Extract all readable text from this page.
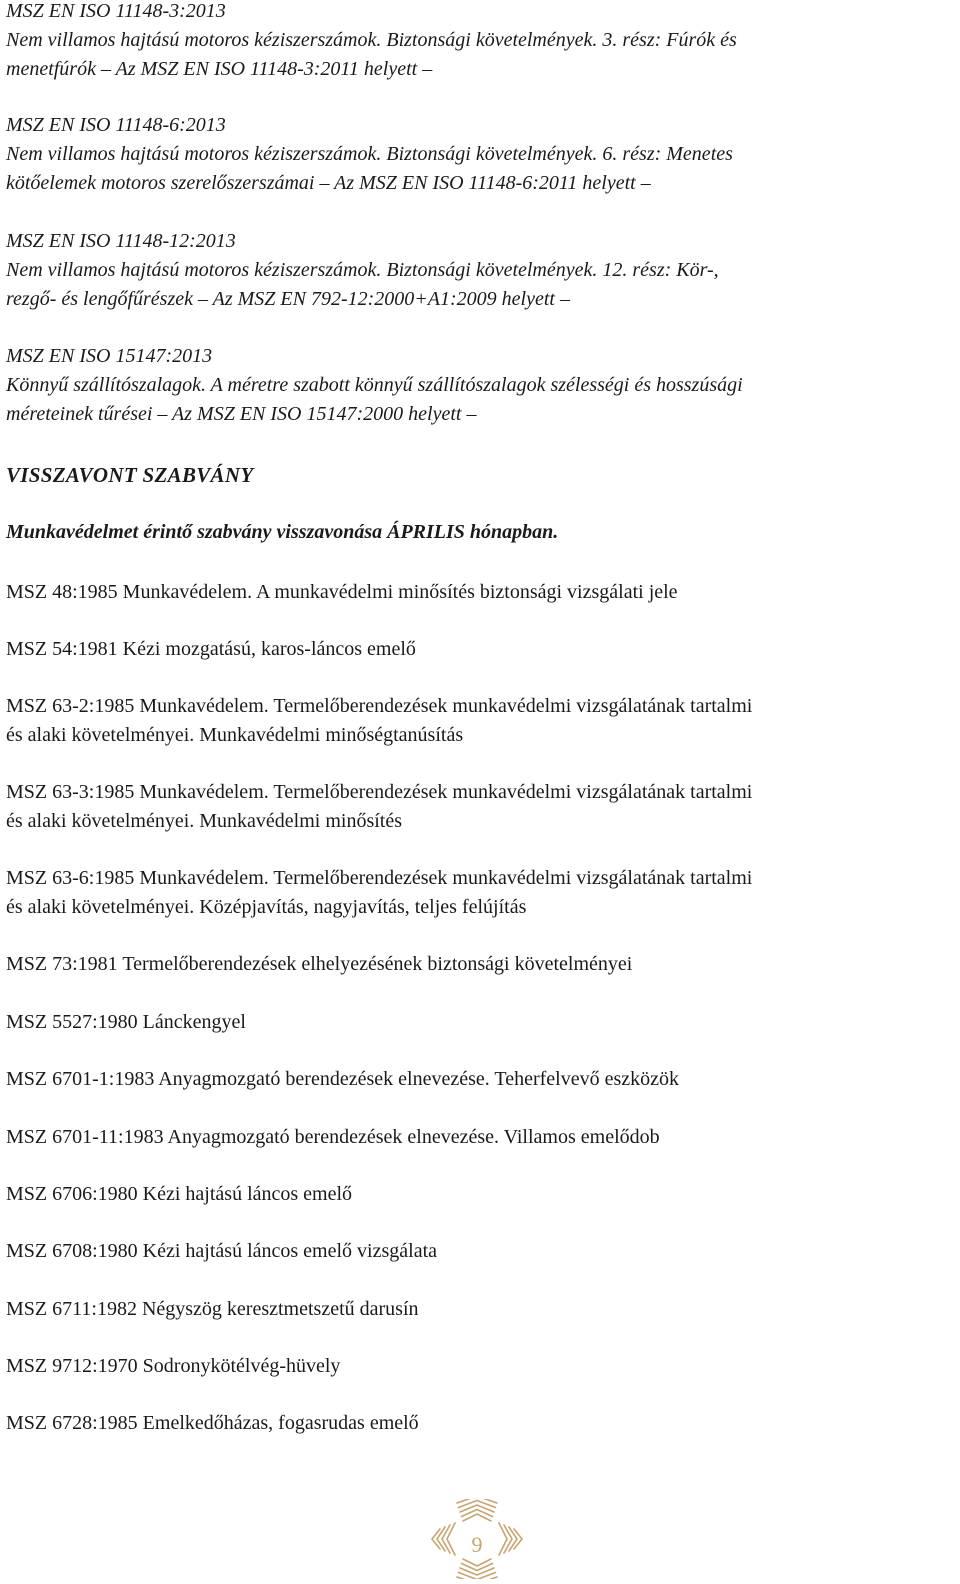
MSZ EN ISO 11148-3:2013

Nem villamos hajtású motoros kéziszerszámok. Biztonsági követelmények. 3. rész: Fúrók és

menetfúrók – Az MSZ EN ISO 11148-3:2011 helyett –

MSZ EN ISO 11148-6:2013

Nem villamos hajtású motoros kéziszerszámok. Biztonsági követelmények. 6. rész: Menetes

kötőelemek motoros szerelőszerszámai – Az MSZ EN ISO 11148-6:2011 helyett –

MSZ EN ISO 11148-12:2013

Nem villamos hajtású motoros kéziszerszámok. Biztonsági követelmények. 12. rész: Kör-,

rezgő- és lengőfűrészek – Az MSZ EN 792-12:2000+A1:2009 helyett –

MSZ EN ISO 15147:2013

Könnyű szállítószalagok. A méretre szabott könnyű szállítószalagok szélességi és hosszúsági

méreteinek tűrései – Az MSZ EN ISO 15147:2000 helyett –

VISSZAVONT SZABVÁNY
Munkavédelmet érintő szabvány visszavonása ÁPRILIS hónapban.

MSZ 48:1985 Munkavédelem. A munkavédelmi minősítés biztonsági vizsgálati jele

MSZ 54:1981 Kézi mozgatású, karos-láncos emelő

MSZ 63-2:1985 Munkavédelem. Termelőberendezések munkavédelmi vizsgálatának tartalmi

és alaki követelményei. Munkavédelmi minőségtanúsítás

MSZ 63-3:1985 Munkavédelem. Termelőberendezések munkavédelmi vizsgálatának tartalmi

és alaki követelményei. Munkavédelmi minősítés

MSZ 63-6:1985 Munkavédelem. Termelőberendezések munkavédelmi vizsgálatának tartalmi

és alaki követelményei. Középjavítás, nagyjavítás, teljes felújítás

MSZ 73:1981 Termelőberendezések elhelyezésének biztonsági követelményei

MSZ 5527:1980 Lánckengyel

MSZ 6701-1:1983 Anyagmozgató berendezések elnevezése. Teherfelvevő eszközök

MSZ 6701-11:1983 Anyagmozgató berendezések elnevezése. Villamos emelődob

MSZ 6706:1980 Kézi hajtású láncos emelő

MSZ 6708:1980 Kézi hajtású láncos emelő vizsgálata

MSZ 6711:1982 Négyszög keresztmetszetű darusín

MSZ 9712:1970 Sodronykötélvég-hüvely

MSZ 6728:1985 Emelkedőházas, fogasrudas emelő

9
